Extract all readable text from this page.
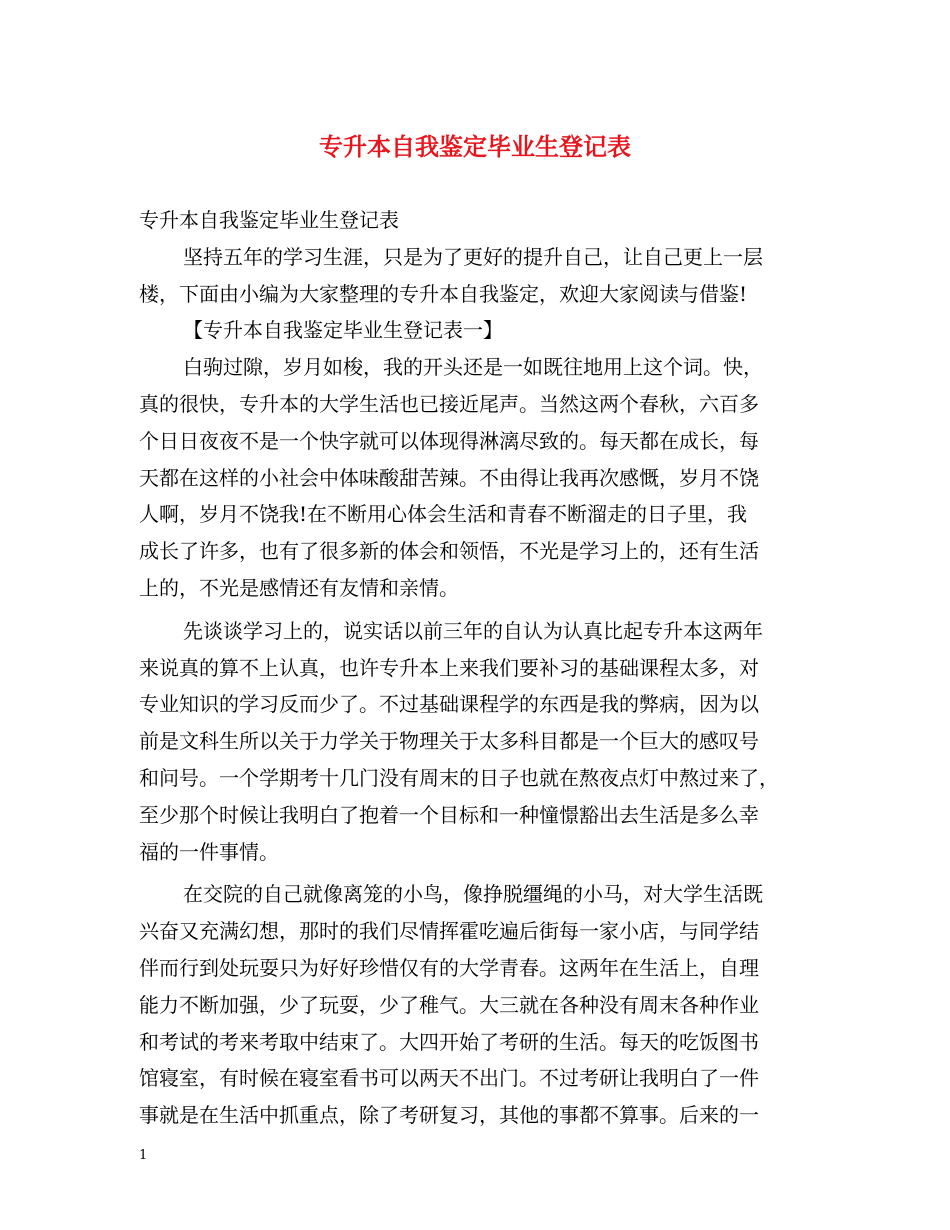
专升本自我鉴定毕业生登记表
专升本自我鉴定毕业生登记表
坚持五年的学习生涯，只是为了更好的提升自己，让自己更上一层
楼，下面由小编为大家整理的专升本自我鉴定，欢迎大家阅读与借鉴!
【专升本自我鉴定毕业生登记表一】
白驹过隙，岁月如梭，我的开头还是一如既往地用上这个词。快，
真的很快，专升本的大学生活也已接近尾声。当然这两个春秋，六百多
个日日夜夜不是一个快字就可以体现得淋漓尽致的。每天都在成长，每
天都在这样的小社会中体味酸甜苦辣。不由得让我再次感慨，岁月不饶
人啊，岁月不饶我!在不断用心体会生活和青春不断溜走的日子里，我
成长了许多，也有了很多新的体会和领悟，不光是学习上的，还有生活
上的，不光是感情还有友情和亲情。
先谈谈学习上的，说实话以前三年的自认为认真比起专升本这两年
来说真的算不上认真，也许专升本上来我们要补习的基础课程太多，对
专业知识的学习反而少了。不过基础课程学的东西是我的弊病，因为以
前是文科生所以关于力学关于物理关于太多科目都是一个巨大的感叹号
和问号。一个学期考十几门没有周末的日子也就在熬夜点灯中熬过来了，
至少那个时候让我明白了抱着一个目标和一种憧憬豁出去生活是多么幸
福的一件事情。
在交院的自己就像离笼的小鸟，像挣脱缰绳的小马，对大学生活既
兴奋又充满幻想，那时的我们尽情挥霍吃遍后街每一家小店，与同学结
伴而行到处玩耍只为好好珍惜仅有的大学青春。这两年在生活上，自理
能力不断加强，少了玩耍，少了稚气。大三就在各种没有周末各种作业
和考试的考来考取中结束了。大四开始了考研的生活。每天的吃饭图书
馆寝室，有时候在寝室看书可以两天不出门。不过考研让我明白了一件
事就是在生活中抓重点，除了考研复习，其他的事都不算事。后来的一
1
